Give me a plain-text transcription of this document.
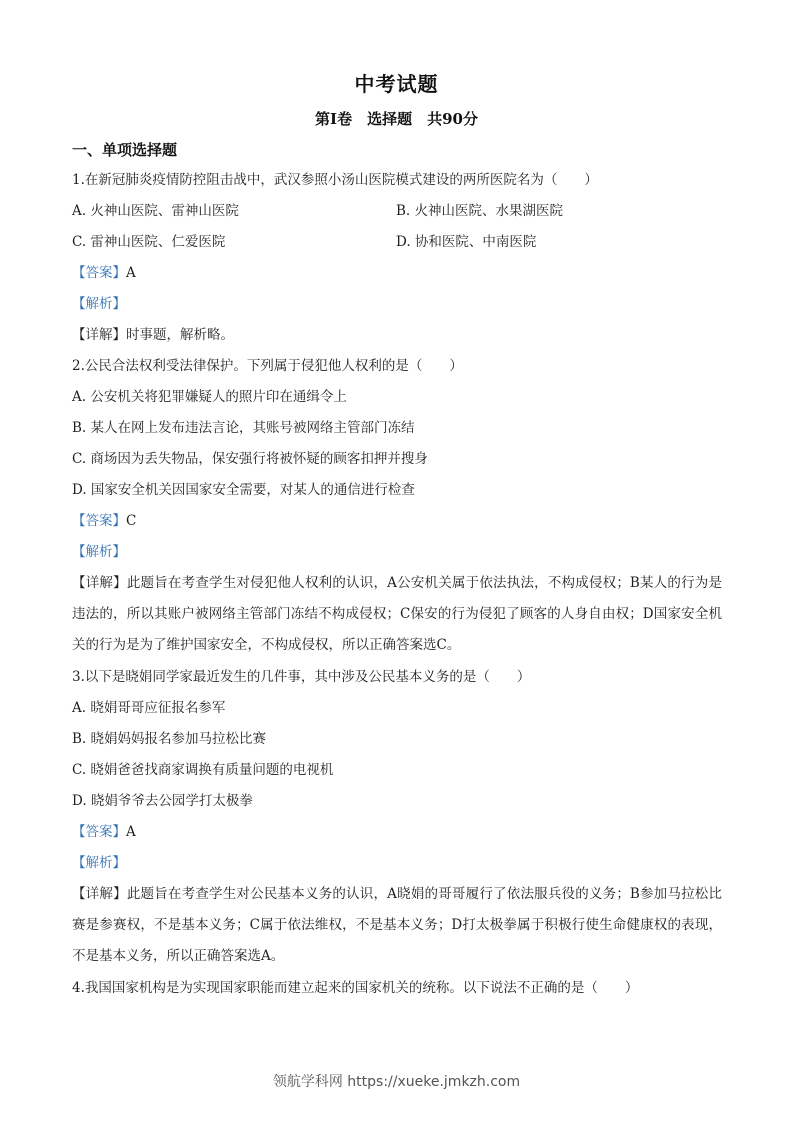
中考试题
第Ⅰ卷　选择题　共90分
一、单项选择题
1.在新冠肺炎疫情防控阻击战中，武汉参照小汤山医院模式建设的两所医院名为（　　）
A. 火神山医院、雷神山医院	B. 火神山医院、水果湖医院
C. 雷神山医院、仁爱医院	D. 协和医院、中南医院
【答案】A
【解析】
【详解】时事题，解析略。
2.公民合法权利受法律保护。下列属于侵犯他人权利的是（　　）
A. 公安机关将犯罪嫌疑人的照片印在通缉令上
B. 某人在网上发布违法言论，其账号被网络主管部门冻结
C. 商场因为丢失物品，保安强行将被怀疑的顾客扣押并搜身
D. 国家安全机关因国家安全需要，对某人的通信进行检查
【答案】C
【解析】
【详解】此题旨在考查学生对侵犯他人权利的认识，A公安机关属于依法执法，不构成侵权；B某人的行为是违法的，所以其账户被网络主管部门冻结不构成侵权；C保安的行为侵犯了顾客的人身自由权；D国家安全机关的行为是为了维护国家安全，不构成侵权，所以正确答案选C。
3.以下是晓娟同学家最近发生的几件事，其中涉及公民基本义务的是（　　）
A. 晓娟哥哥应征报名参军
B. 晓娟妈妈报名参加马拉松比赛
C. 晓娟爸爸找商家调换有质量问题的电视机
D. 晓娟爷爷去公园学打太极拳
【答案】A
【解析】
【详解】此题旨在考查学生对公民基本义务的认识，A晓娟的哥哥履行了依法服兵役的义务；B参加马拉松比赛是参赛权，不是基本义务；C属于依法维权，不是基本义务；D打太极拳属于积极行使生命健康权的表现，不是基本义务，所以正确答案选A。
4.我国国家机构是为实现国家职能而建立起来的国家机关的统称。以下说法不正确的是（　　）
领航学科网 https://xueke.jmkzh.com
